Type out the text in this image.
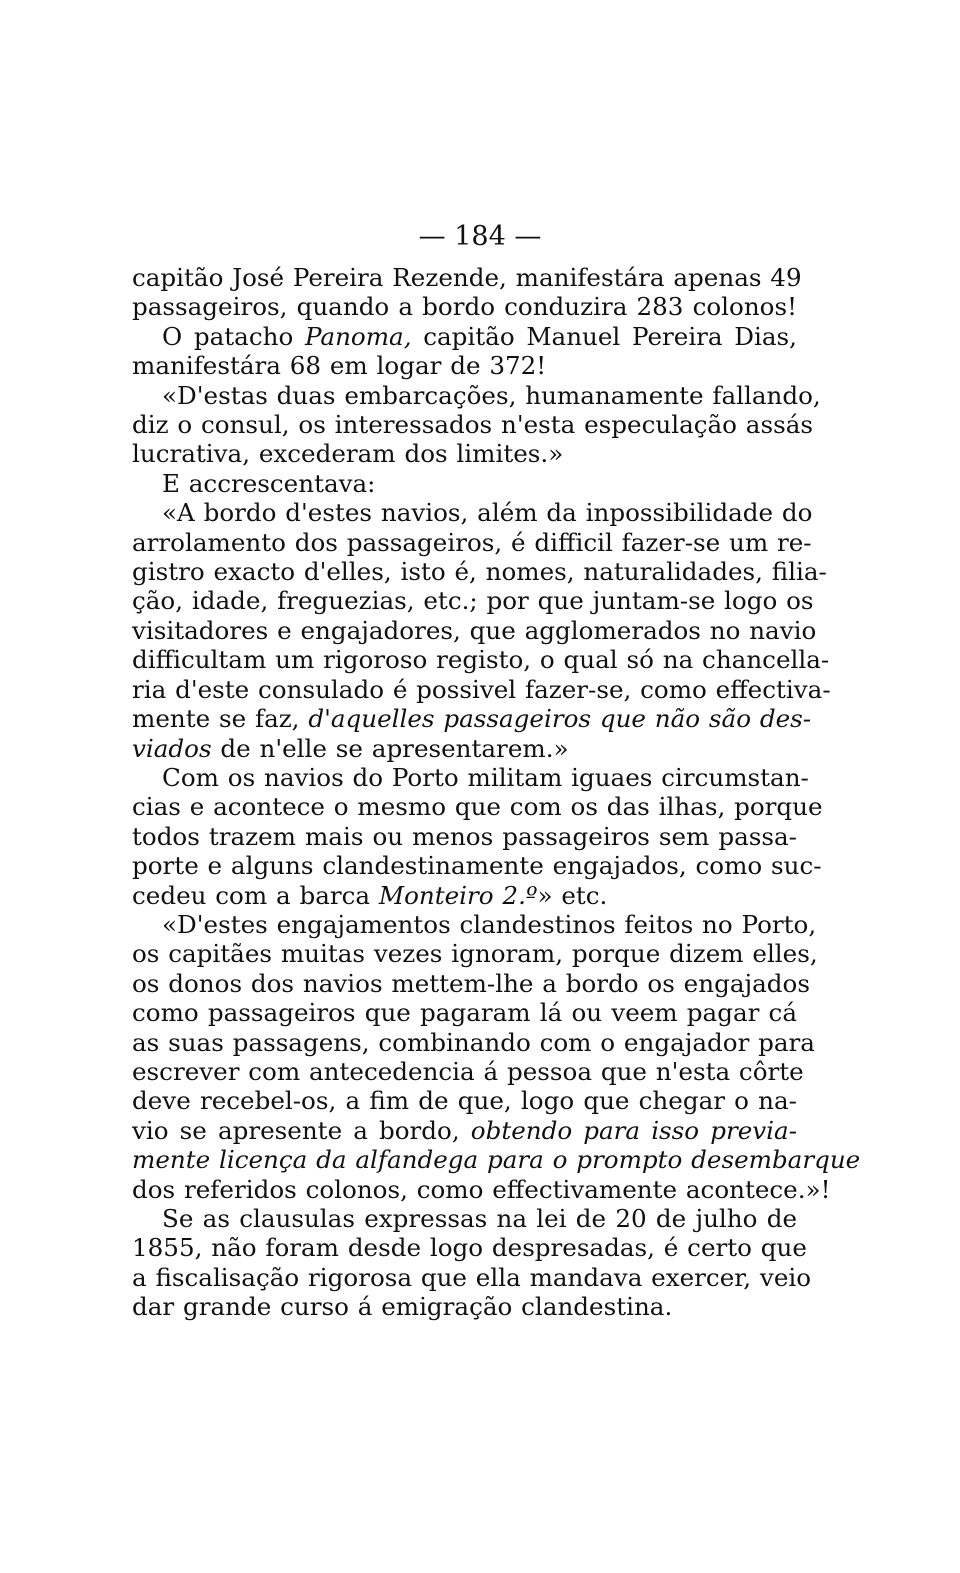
— 184 —
capitão José Pereira Rezende, manifestára apenas 49
passageiros, quando a bordo conduzira 283 colonos!
O patacho Panoma, capitão Manuel Pereira Dias,
manifestára 68 em logar de 372!
«D'estas duas embarcações, humanamente fallando,
diz o consul, os interessados n'esta especulação assás
lucrativa, excederam dos limites.»
E accrescentava:
«A bordo d'estes navios, além da inpossibilidade do
arrolamento dos passageiros, é difficil fazer-se um re-
gistro exacto d'elles, isto é, nomes, naturalidades, filia-
ção, idade, freguezias, etc.; por que juntam-se logo os
visitadores e engajadores, que agglomerados no navio
difficultam um rigoroso registo, o qual só na chancella-
ria d'este consulado é possivel fazer-se, como effectiva-
mente se faz, d'aquelles passageiros que não são des-
viados de n'elle se apresentarem.»
Com os navios do Porto militam iguaes circumstan-
cias e acontece o mesmo que com os das ilhas, porque
todos trazem mais ou menos passageiros sem passa-
porte e alguns clandestinamente engajados, como suc-
cedeu com a barca Monteiro 2.º» etc.
«D'estes engajamentos clandestinos feitos no Porto,
os capitães muitas vezes ignoram, porque dizem elles,
os donos dos navios mettem-lhe a bordo os engajados
como passageiros que pagaram lá ou veem pagar cá
as suas passagens, combinando com o engajador para
escrever com antecedencia á pessoa que n'esta côrte
deve recebel-os, a fim de que, logo que chegar o na-
vio se apresente a bordo, obtendo para isso previa-
mente licença da alfandega para o prompto desembarque
dos referidos colonos, como effectivamente acontece.»!
Se as clausulas expressas na lei de 20 de julho de
1855, não foram desde logo despresadas, é certo que
a fiscalisação rigorosa que ella mandava exercer, veio
dar grande curso á emigração clandestina.
